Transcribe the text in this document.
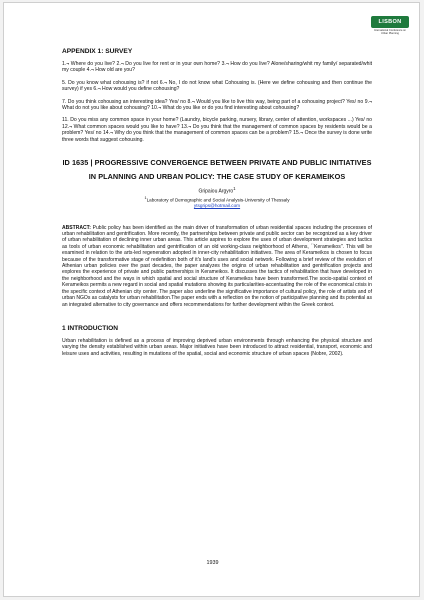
LISBON
International Conference on Urban Planning
APPENDIX 1: SURVEY

1.¬ Where do you live? 2.¬ Do you live for rent or in your own home? 3.¬ How do you live? Alone/sharing/whit my family/ separated/whit my couple 4.¬ How old are you?

5. Do you know what cohousing is? if not 6.¬ No, I do not know what Cohousing is. (Here we define cohousing and then continue the survey) if yes 6.¬ How would you define cohousing?

7. Do you think cohousing an interesting idea? Yes/ no 8.¬ Would you like to live this way, being part of a cohousing project? Yes/ no 9.¬ What do not you like about cohousing? 10.¬ What do you like or do you find interesting about cohousing?

11. Do you miss any common space in your home? (Laundry, bicycle parking, nursery, library, center of attention, workspaces ...) Yes/ no 12.¬ What common spaces would you like to have? 13.¬ Do you think that the management of common spaces by residents would be a problem? Yes/ no 14.¬ Why do you think that the management of common spaces can be a problem? 15.¬ Once the survey is done write three words that suggest cohousing.

ID 1635 | PROGRESSIVE CONVERGENCE BETWEEN PRIVATE AND PUBLIC INITIATIVES IN PLANNING AND URBAN POLICY: THE CASE STUDY OF KERAMEIKOS
Gripaiou Argyro$^1$
$^1$Laboratory of Demographic and Social Analysis-University of Thessaly
ytsgrips@hotmail.com

ABSTRACT: Public policy has been identified as the main driver of transformation of urban residential spaces including the processes of urban rehabilitation and gentrification. More recently, the partnerships between private and public sector can be recognized as a key driver of urban rehabilitation of declining inner urban areas. This article aspires to explore the uses of urban development strategies and tactics as tools of urban economic rehabilitation and gentrification of an old working-class neighborhood of Athens, ``Kerameikos''. This will be examined in relation to the arts-led regeneration adopted in inner-city rehabilitation initiatives. The area of Kerameikos is chosen to focus because of the transformative stage of redefinition both of it's land's uses and social network. Following a brief review of the evolution of Athenian urban policies over the past decades, the paper analyzes the origins of urban rehabilitation and gentrification projects and explores the experience of private and public partnerships in Kerameikos. It discusses the tactics of rehabilitation that have developed in the neighborhood and the ways in which spatial and social structure of Kerameikos have been transformed.The socio-spatial context of Kerameikos permits a new regard in social and spatial mutations showing its particularities-accentuating the role of the economical crisis in the specific context of Athenian city center. The paper also underline the significative importance of cultural policy, the role of artists and of urban NGOs as catalysts for urban rehabilitation.The paper ends with a reflection on the notion of participative planning and its potential as an integrated alternative to city governance and offers recommendations for further development within the Greek context.

1 INTRODUCTION

Urban rehabilitation is defined as a process of improving deprived urban environments through enhancing the physical structure and varying the density established within urban areas. Major initiatives have been introduced to attract residential, transport, economic and leisure uses and activities, resulting in mutations of the spatial, social and economic structure of urban spaces (Nobre, 2002).

1939
